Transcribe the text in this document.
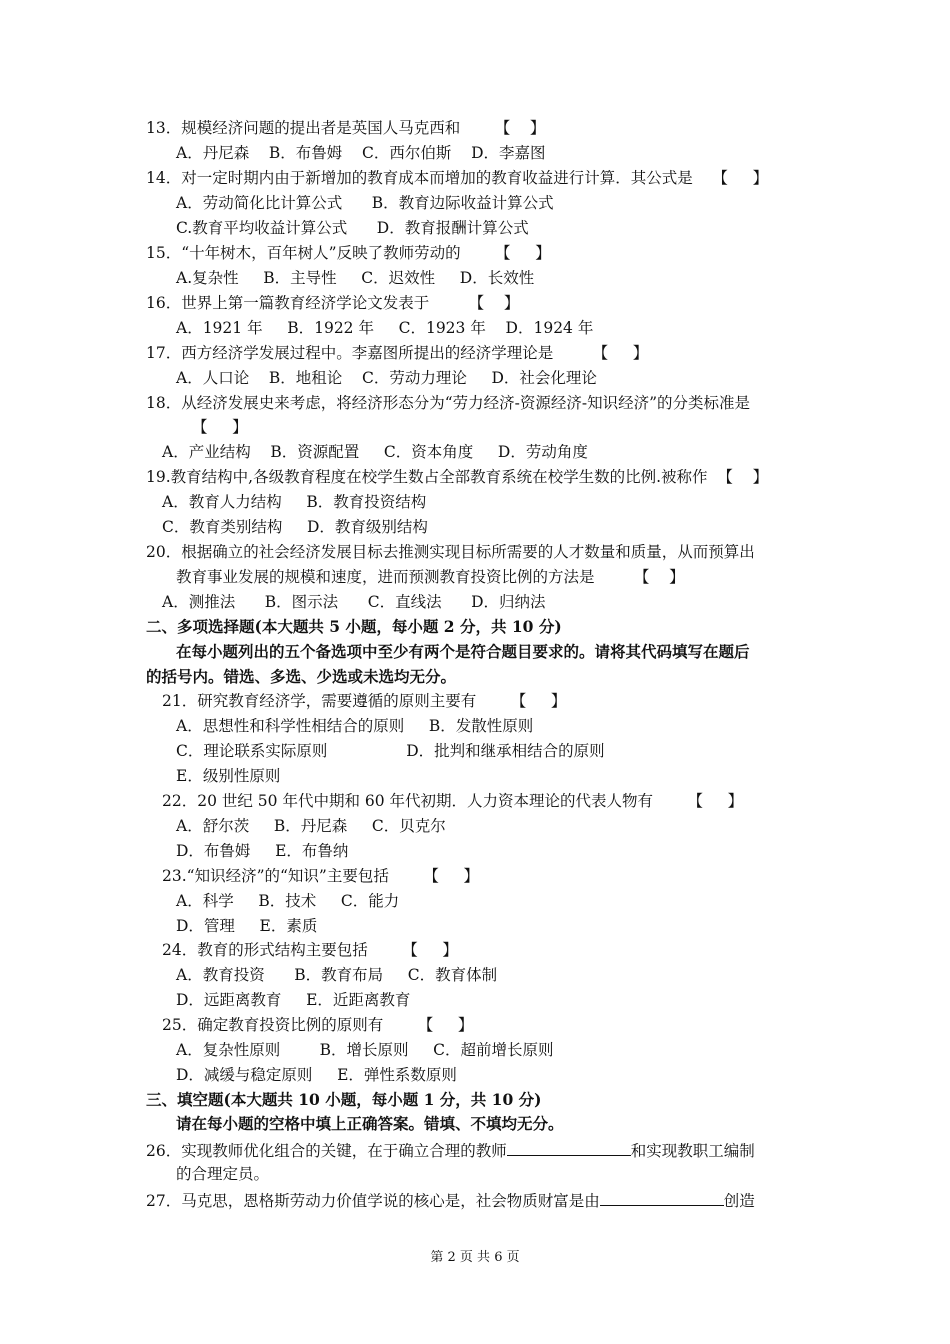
13．规模经济问题的提出者是英国人马克西和       【    】
A．丹尼森    B．布鲁姆    C．西尔伯斯    D．李嘉图
14．对一定时期内由于新增加的教育成本而增加的教育收益进行计算．其公式是    【     】
A．劳动简化比计算公式      B．教育边际收益计算公式
C.教育平均收益计算公式      D．教育报酬计算公式
15．“十年树木，百年树人”反映了教师劳动的       【     】
A.复杂性     B．主导性     C．迟效性     D．长效性
16．世界上第一篇教育经济学论文发表于        【    】
A．1921 年     B．1922 年     C．1923 年    D．1924 年
17．西方经济学发展过程中。李嘉图所提出的经济学理论是        【     】
A．人口论    B．地租论    C．劳动力理论     D．社会化理论
18．从经济发展史来考虑，将经济形态分为“劳力经济-资源经济-知识经济”的分类标准是
【     】
A．产业结构    B．资源配置     C．资本角度     D．劳动角度
19.教育结构中,各级教育程度在校学生数占全部教育系统在校学生数的比例.被称作  【    】
A．教育人力结构     B．教育投资结构
C．教育类别结构     D．教育级别结构
20．根据确立的社会经济发展目标去推测实现目标所需要的人才数量和质量，从而预算出
教育事业发展的规模和速度，进而预测教育投资比例的方法是        【    】
A．测推法      B．图示法      C．直线法      D．归纳法
二、多项选择题(本大题共 5 小题，每小题 2 分，共 10 分)
在每小题列出的五个备选项中至少有两个是符合题目要求的。请将其代码填写在题后
的括号内。错选、多选、少选或未选均无分。
21．研究教育经济学，需要遵循的原则主要有       【     】
A．思想性和科学性相结合的原则     B．发散性原则
C．理论联系实际原则                D．批判和继承相结合的原则
E．级别性原则
22．20 世纪 50 年代中期和 60 年代初期．人力资本理论的代表人物有       【     】
A．舒尔茨     B．丹尼森     C．贝克尔
D．布鲁姆     E．布鲁纳
23.“知识经济”的“知识”主要包括       【     】
A．科学     B．技术     C．能力
D．管理     E．素质
24．教育的形式结构主要包括       【     】
A．教育投资      B．教育布局     C．教育体制
D．远距离教育     E．近距离教育
25．确定教育投资比例的原则有       【     】
A．复杂性原则        B．增长原则     C．超前增长原则
D．减缓与稳定原则     E．弹性系数原则
三、填空题(本大题共 10 小题，每小题 1 分，共 10 分)
请在每小题的空格中填上正确答案。错填、不填均无分。
26．实现教师优化组合的关键，在于确立合理的教师	和实现教职工编制
的合理定员。
27．马克思，恩格斯劳动力价值学说的核心是，社会物质财富是由	创造
第 2 页 共 6 页
